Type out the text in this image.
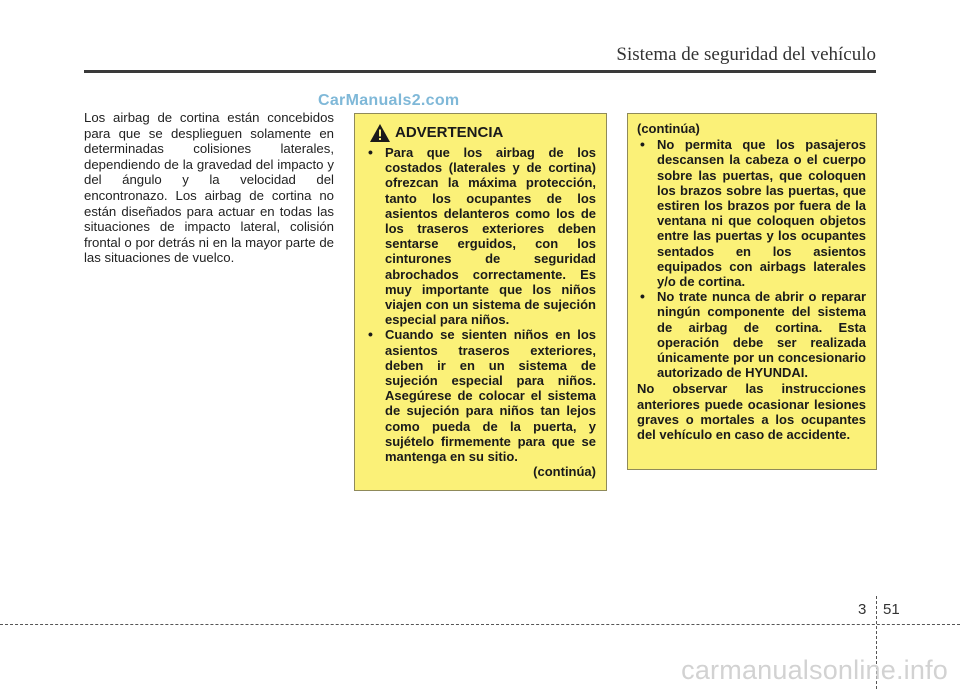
Sistema de seguridad del vehículo
CarManuals2.com
Los airbag de cortina están concebidos para que se desplieguen solamente en determinadas colisiones laterales, dependiendo de la gravedad del impacto y del ángulo y la velocidad del encontronazo. Los airbag de cortina no están diseñados para actuar en todas las situaciones de impacto lateral, colisión frontal o por detrás ni en la mayor parte de las situaciones de vuelco.
ADVERTENCIA
• Para que los airbag de los costados (laterales y de cortina) ofrezcan la máxima protección, tanto los ocupantes de los asientos delanteros como los de los traseros exteriores deben sentarse erguidos, con los cinturones de seguridad abrochados correctamente. Es muy importante que los niños viajen con un sistema de sujeción especial para niños.
• Cuando se sienten niños en los asientos traseros exteriores, deben ir en un sistema de sujeción especial para niños. Asegúrese de colocar el sistema de sujeción para niños tan lejos como pueda de la puerta, y sujételo firmemente para que se mantenga en su sitio.
(continúa)
(continúa)
• No permita que los pasajeros descansen la cabeza o el cuerpo sobre las puertas, que coloquen los brazos sobre las puertas, que estiren los brazos por fuera de la ventana ni que coloquen objetos entre las puertas y los ocupantes sentados en los asientos equipados con airbags laterales y/o de cortina.
• No trate nunca de abrir o reparar ningún componente del sistema de airbag de cortina. Esta operación debe ser realizada únicamente por un concesionario autorizado de HYUNDAI.
No observar las instrucciones anteriores puede ocasionar lesiones graves o mortales a los ocupantes del vehículo en caso de accidente.
3 51
carmanualsonline.info
